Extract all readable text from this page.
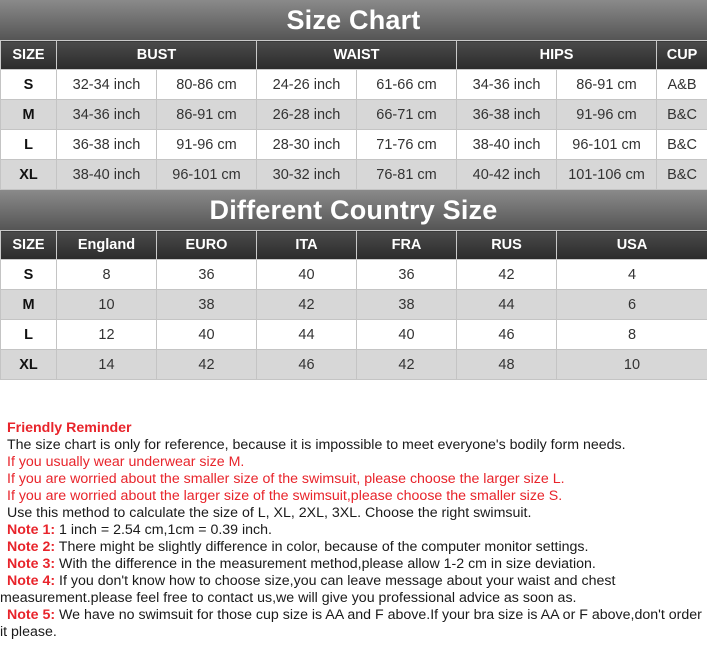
Size Chart
SIZE	BUST		WAIST		HIPS		CUP
S	32-34 inch	80-86 cm	24-26 inch	61-66 cm	34-36 inch	86-91 cm	A&B
M	34-36 inch	86-91 cm	26-28 inch	66-71 cm	36-38 inch	91-96 cm	B&C
L	36-38 inch	91-96 cm	28-30 inch	71-76 cm	38-40 inch	96-101 cm	B&C
XL	38-40 inch	96-101 cm	30-32 inch	76-81 cm	40-42 inch	101-106 cm	B&C
Different Country Size
SIZE	England	EURO	ITA	FRA	RUS	USA
S	8	36	40	36	42	4
M	10	38	42	38	44	6
L	12	40	44	40	46	8
XL	14	42	46	42	48	10

Friendly Reminder

The size chart is only for reference, because it is impossible to meet everyone's bodily form needs.

If you usually wear underwear size M.

If you are worried about the smaller size of the swimsuit, please choose the larger size L.

If you are worried about the larger size of the swimsuit,please choose the smaller size S.

Use this method to calculate the size of L, XL, 2XL, 3XL. Choose the right swimsuit.

Note 1: 1 inch = 2.54 cm,1cm = 0.39 inch.

Note 2: There might be slightly difference in color, because of the computer monitor settings.

Note 3: With the difference in the measurement method,please allow 1-2 cm in size deviation.

Note 4: If you don't know how to choose size,you can leave message about your waist and chest measurement.please feel free to contact us,we will give you professional advice as soon as.

Note 5: We have no swimsuit for those cup size is AA and F above.If your bra size is AA or F above,don't order it please.
